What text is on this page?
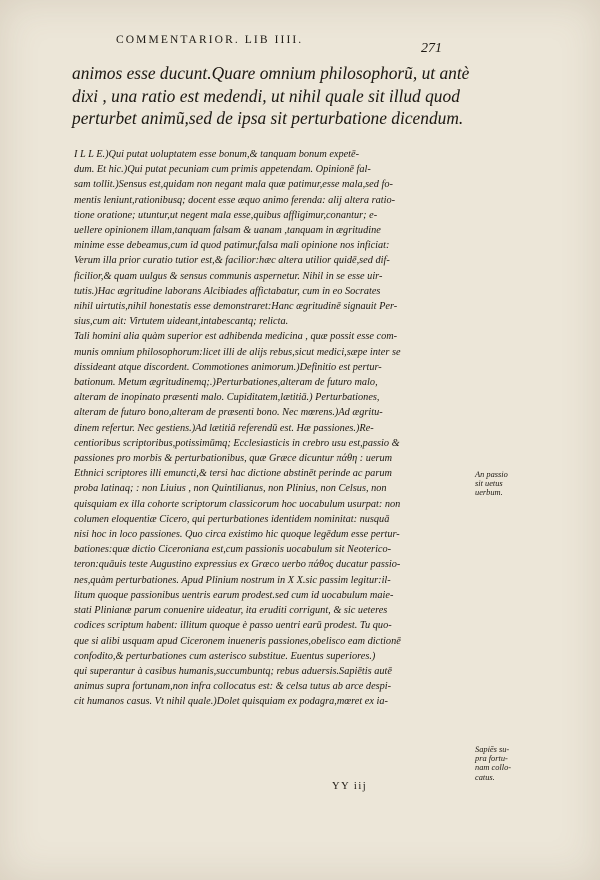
COMMENTARIOR. LIB IIII.
271
animos esse ducunt.Quare omnium philosophorũ, ut antè
dixi , una ratio est medendi, ut nihil quale sit illud quod
perturbet animũ,sed de ipsa sit perturbatione dicendum.
I L L E.)Qui putat uoluptatem esse bonum,& tanquam bonum expetē-
dum. Et hic.)Qui putat pecuniam cum primis appetendam. Opinionē fal-
sam tollit.)Sensus est,quidam non negant mala quæ patimur,esse mala,sed fo-
mentis leniunt,rationibusq; docent esse æquo animo ferenda: alij altera ratio-
tione oratione; utuntur,ut negent mala esse,quibus affligimur,conantur; e-
uellere opinionem illam,tanquam falsam & uanam ,tanquam in ægritudine
minime esse debeamus,cum id quod patimur,falsa mali opinione nos inficiat:
Verum illa prior curatio tutior est,& facilior:hæc altera utilior quidē,sed dif-
ficilior,& quam uulgus & sensus communis aspernetur. Nihil in se esse uir-
tutis.)Hac ægritudine laborans Alcibiades affictabatur, cum in eo Socrates
nihil uirtutis,nihil honestatis esse demonstraret:Hanc ægritudinē signauit Per-
sius,cum ait: Virtutem uideant,intabescantq; relicta.
Tali homini alia quàm superior est adhibenda medicina , quæ possit esse com-
munis omnium philosophorum:licet illi de alijs rebus,sicut medici,sæpe inter se
dissideant atque discordent. Commotiones animorum.)Definitio est pertur-
bationum. Metum ægritudinemq;.)Perturbationes,alteram de futuro malo,
alteram de inopinato præsenti malo. Cupiditatem,lætitiā.) Perturbationes,
alteram de futuro bono,alteram de præsenti bono. Nec mœrens.)Ad ægritu-
dinem refertur. Nec gestiens.)Ad lætitiā referendū est. Hæ passiones.)Re-
centioribus scriptoribus,potissimūmq; Ecclesiasticis in crebro usu est,passio &
passiones pro morbis & perturbationibus, quæ Græce dicuntur πάθη : uerum
Ethnici scriptores illi emuncti,& tersi hac dictione abstinēt perinde ac parum
proba latinaq; : non Liuius , non Quintilianus, non Plinius, non Celsus, non
quisquiam ex illa cohorte scriptorum classicorum hoc uocabulum usurpat: non
columen eloquentiæ Cicero, qui perturbationes identidem nominitat: nusquā
nisi hoc in loco passiones. Quo circa existimo hic quoque legēdum esse pertur-
bationes:quæ dictio Ciceroniana est,cum passionis uocabulum sit Neoterico-
teron:quāuis teste Augustino expressius ex Græco uerbo πάθος ducatur passio-
nes,quàm perturbationes. Apud Plinium nostrum in X X.sic passim legitur:il-
litum quoque passionibus uentris earum prodest.sed cum id uocabulum maie-
stati Plinianæ parum conuenire uideatur, ita eruditi corrigunt, & sic ueteres
codices scriptum habent: illitum quoque è passo uentri earū prodest. Tu quo-
que si alibi usquam apud Ciceronem inueneris passiones,obelisco eam dictionē
confodito,& perturbationes cum asterisco substitue. Euentus superiores.)
qui superantur à casibus humanis,succumbuntq; rebus aduersis.Sapiētis autē
animus supra fortunam,non infra collocatus est: & celsa tutus ab arce despi-
cit humanos casus. Vt nihil quale.)Dolet quisquiam ex podagra,mœret ex ia-
An passio
sit uetus
uerbum.
Sapiēs su-
pra fortu-
nam collo-
catus.
YY iij
